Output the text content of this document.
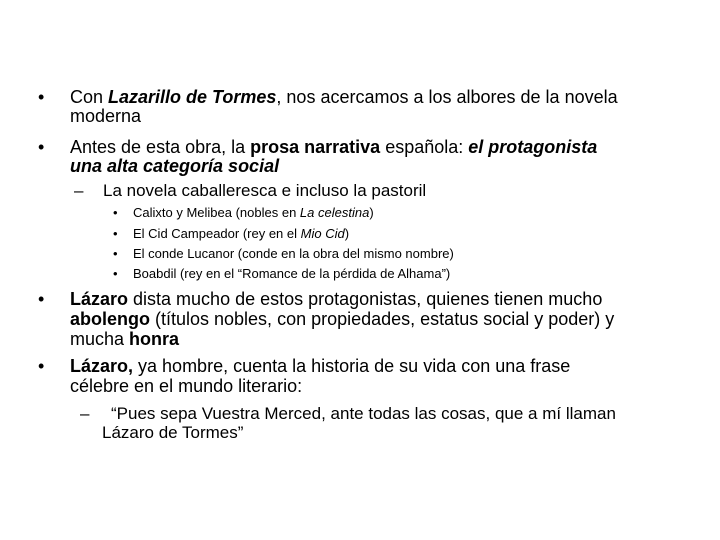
• Con Lazarillo de Tormes, nos acercamos a los albores de la novela
moderna
• Antes de esta obra, la prosa narrativa española: el protagonista
una alta categoría social
– La novela caballeresca e incluso la pastoril
• Calixto y Melibea (nobles en La celestina)
• El Cid Campeador (rey en el Mio Cid)
• El conde Lucanor (conde en la obra del mismo nombre)
• Boabdil (rey en el “Romance de la pérdida de Alhama”)
• Lázaro dista mucho de estos protagonistas, quienes tienen mucho
abolengo (títulos nobles, con propiedades, estatus social y poder) y
mucha honra
• Lázaro, ya hombre, cuenta la historia de su vida con una frase
célebre en el mundo literario:
– “Pues sepa Vuestra Merced, ante todas las cosas, que a mí llaman
Lázaro de Tormes”
